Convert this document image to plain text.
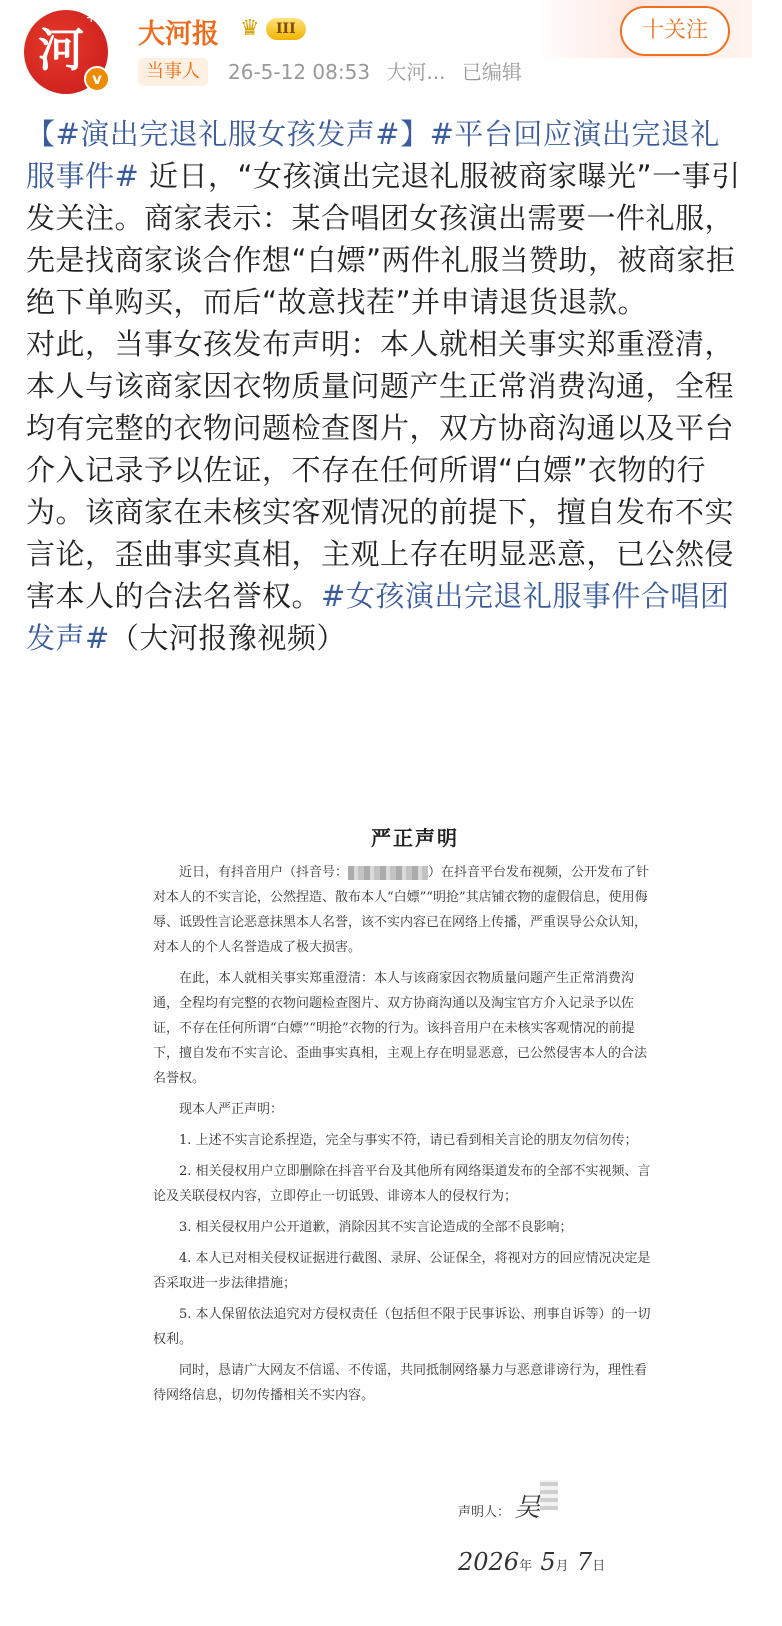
河
+1
v
大河报 ♛	III	十关注
当事人	26-5-12 08:53 大河... 已编辑

【#演出完退礼服女孩发声#】#平台回应演出完退礼服事件# 近日，“女孩演出完退礼服被商家曝光”一事引发关注。商家表示：某合唱团女孩演出需要一件礼服，先是找商家谈合作想“白嫖”两件礼服当赞助，被商家拒绝下单购买，而后“故意找茬”并申请退货退款。

对此，当事女孩发布声明：本人就相关事实郑重澄清，本人与该商家因衣物质量问题产生正常消费沟通，全程均有完整的衣物问题检查图片，双方协商沟通以及平台介入记录予以佐证，不存在任何所谓“白嫖”衣物的行为。该商家在未核实客观情况的前提下，擅自发布不实言论，歪曲事实真相，主观上存在明显恶意，已公然侵害本人的合法名誉权。#女孩演出完退礼服事件合唱团发声#（大河报豫视频）

严正声明

近日，有抖音用户（抖音号：	）在抖音平台发布视频，公开发布了针对本人的不实言论，公然捏造、散布本人“白嫖”“明抢”其店铺衣物的虚假信息，使用侮辱、诋毁性言论恶意抹黑本人名誉，该不实内容已在网络上传播，严重误导公众认知，对本人的个人名誉造成了极大损害。

在此，本人就相关事实郑重澄清：本人与该商家因衣物质量问题产生正常消费沟通，全程均有完整的衣物问题检查图片、双方协商沟通以及淘宝官方介入记录予以佐证，不存在任何所谓“白嫖”“明抢”衣物的行为。该抖音用户在未核实客观情况的前提下，擅自发布不实言论、歪曲事实真相，主观上存在明显恶意，已公然侵害本人的合法名誉权。

现本人严正声明：

1. 上述不实言论系捏造，完全与事实不符，请已看到相关言论的朋友勿信勿传；

2. 相关侵权用户立即删除在抖音平台及其他所有网络渠道发布的全部不实视频、言论及关联侵权内容，立即停止一切诋毁、诽谤本人的侵权行为；

3. 相关侵权用户公开道歉，消除因其不实言论造成的全部不良影响；

4. 本人已对相关侵权证据进行截图、录屏、公证保全，将视对方的回应情况决定是否采取进一步法律措施；

5. 本人保留依法追究对方侵权责任（包括但不限于民事诉讼、刑事自诉等）的一切权利。

同时，恳请广大网友不信谣、不传谣，共同抵制网络暴力与恶意诽谤行为，理性看待网络信息，切勿传播相关不实内容。

声明人： 吴
2026年 5月 7日
